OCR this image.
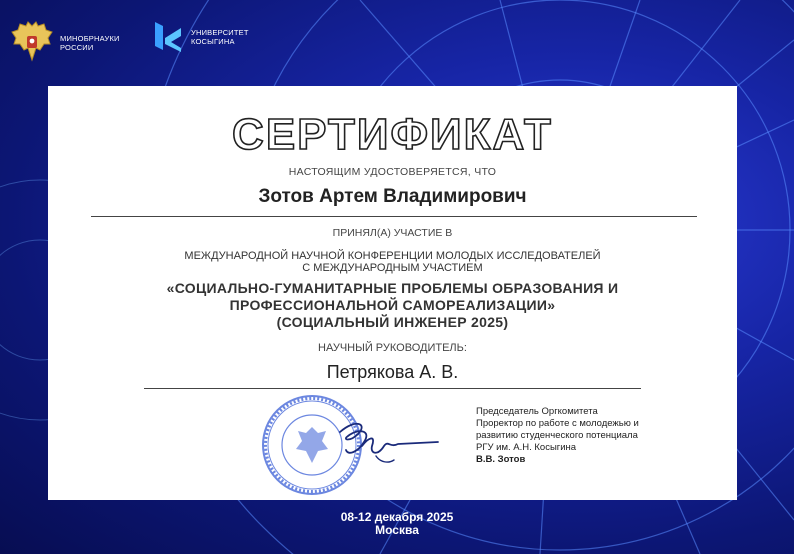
МИНОБРНАУКИ
РОССИИ
УНИВЕРСИТЕТ
КОСЫГИНА
СЕРТИФИКАТ
НАСТОЯЩИМ УДОСТОВЕРЯЕТСЯ, ЧТО
Зотов Артем Владимирович
ПРИНЯЛ(А) УЧАСТИЕ В
МЕЖДУНАРОДНОЙ НАУЧНОЙ КОНФЕРЕНЦИИ МОЛОДЫХ ИССЛЕДОВАТЕЛЕЙ
С МЕЖДУНАРОДНЫМ УЧАСТИЕМ
«СОЦИАЛЬНО-ГУМАНИТАРНЫЕ ПРОБЛЕМЫ ОБРАЗОВАНИЯ И
ПРОФЕССИОНАЛЬНОЙ САМОРЕАЛИЗАЦИИ»
(СОЦИАЛЬНЫЙ ИНЖЕНЕР 2025)
НАУЧНЫЙ РУКОВОДИТЕЛЬ:
Петрякова А. В.
Председатель Оргкомитета
Проректор по работе с молодежью и
развитию студенческого потенциала
РГУ им. А.Н. Косыгина
В.В. Зотов
08-12 декабря 2025
Москва
